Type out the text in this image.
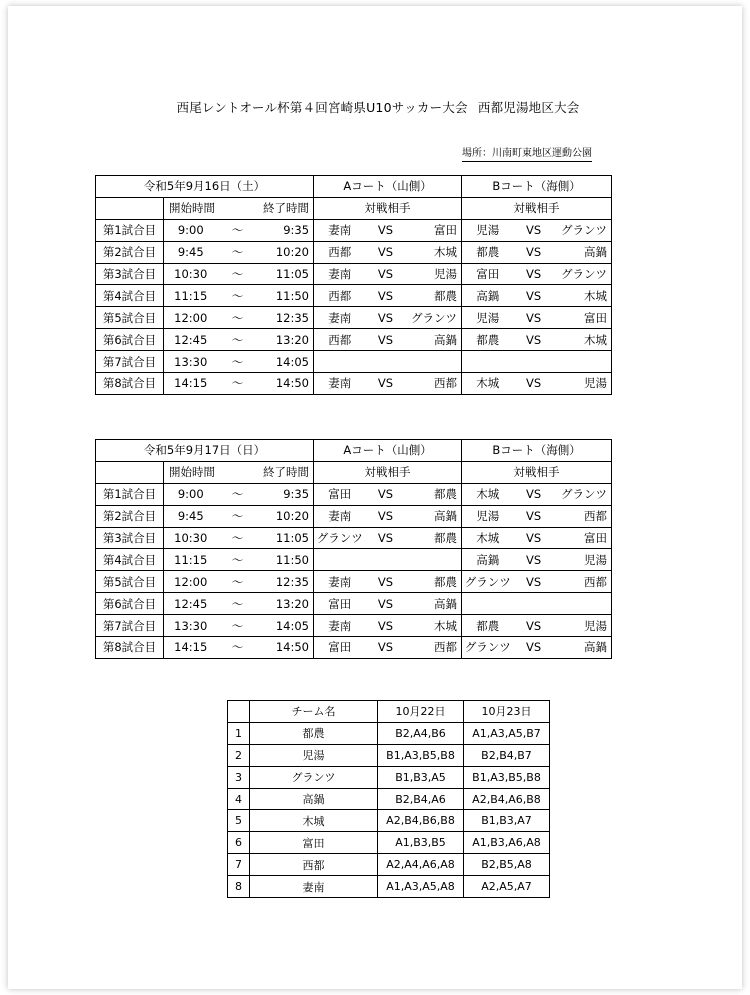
西尾レントオール杯第４回宮崎県U10サッカー大会 西都児湯地区大会
場所：川南町東地区運動公園
令和5年9月16日（土）				Aコート（山側）			Bコート（海側）		
	開始時間		終了時間	対戦相手			対戦相手		
第1試合目	9:00	〜	9:35	妻南	VS	富田	児湯	VS	グランツ
第2試合目	9:45	〜	10:20	西都	VS	木城	都農	VS	高鍋
第3試合目	10:30	〜	11:05	妻南	VS	児湯	富田	VS	グランツ
第4試合目	11:15	〜	11:50	西都	VS	都農	高鍋	VS	木城
第5試合目	12:00	〜	12:35	妻南	VS	グランツ	児湯	VS	富田
第6試合目	12:45	〜	13:20	西都	VS	高鍋	都農	VS	木城
第7試合目	13:30	〜	14:05						
第8試合目	14:15	〜	14:50	妻南	VS	西都	木城	VS	児湯
令和5年9月17日（日）				Aコート（山側）			Bコート（海側）		
	開始時間		終了時間	対戦相手			対戦相手		
第1試合目	9:00	〜	9:35	富田	VS	都農	木城	VS	グランツ
第2試合目	9:45	〜	10:20	妻南	VS	高鍋	児湯	VS	西都
第3試合目	10:30	〜	11:05	グランツ	VS	都農	木城	VS	富田
第4試合目	11:15	〜	11:50				高鍋	VS	児湯
第5試合目	12:00	〜	12:35	妻南	VS	都農	グランツ	VS	西都
第6試合目	12:45	〜	13:20	富田	VS	高鍋			
第7試合目	13:30	〜	14:05	妻南	VS	木城	都農	VS	児湯
第8試合目	14:15	〜	14:50	富田	VS	西都	グランツ	VS	高鍋
	チーム名	10月22日	10月23日
1	都農	B2,A4,B6	A1,A3,A5,B7
2	児湯	B1,A3,B5,B8	B2,B4,B7
3	グランツ	B1,B3,A5	B1,A3,B5,B8
4	高鍋	B2,B4,A6	A2,B4,A6,B8
5	木城	A2,B4,B6,B8	B1,B3,A7
6	富田	A1,B3,B5	A1,B3,A6,A8
7	西都	A2,A4,A6,A8	B2,B5,A8
8	妻南	A1,A3,A5,A8	A2,A5,A7
